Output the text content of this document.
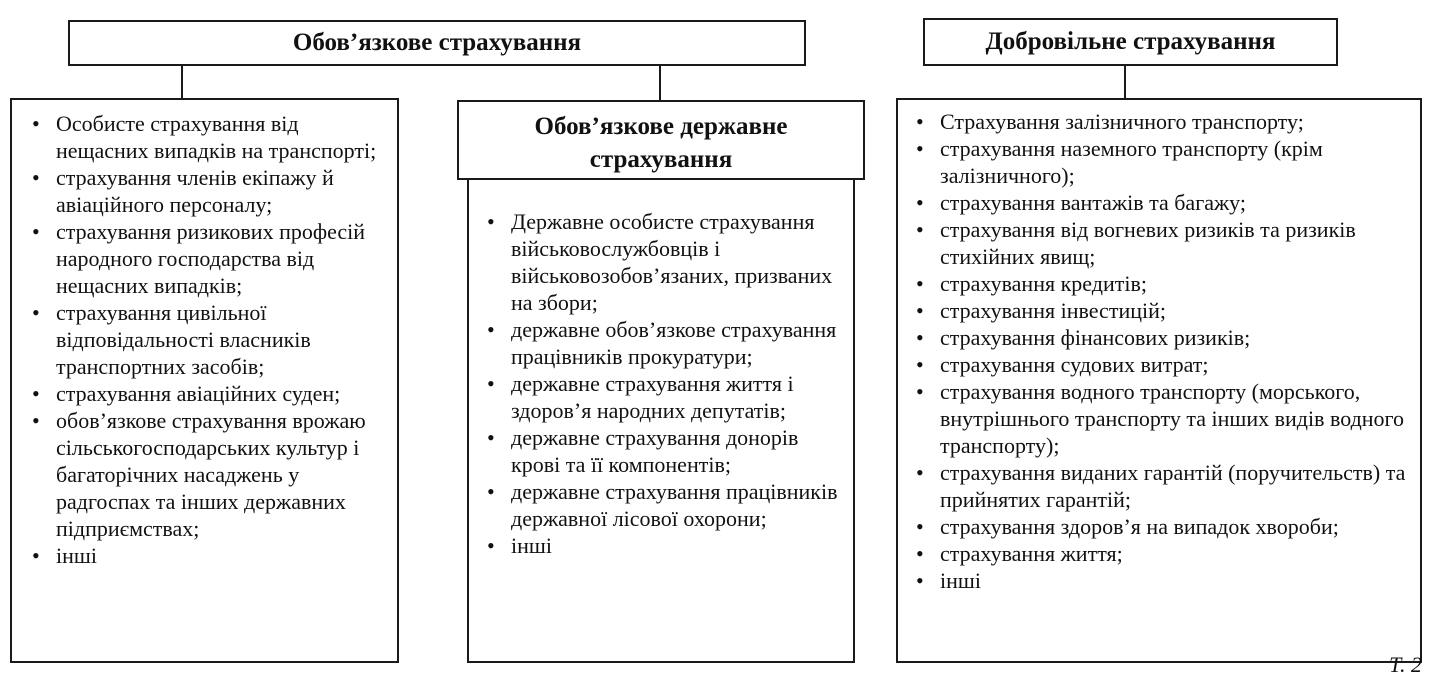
Обов’язкове страхування	Добровільне страхування
• Особисте страхування від нещасних випадків на транспорті;
• страхування членів екіпажу й авіаційного персоналу;
• страхування ризикових професій народного господарства від нещасних випадків;
• страхування цивільної відповідальності власників транспортних засобів;
• страхування авіаційних суден;
• обов’язкове страхування врожаю сільськогосподарських культур і багаторічних насаджень у радгоспах та інших державних підприємствах;
• інші

Обов’язкове державне страхування

• Державне особисте страхування військовослужбовців і військовозобов’язаних, призваних на збори;
• державне обов’язкове страхування працівників прокуратури;
• державне страхування життя і здоров’я народних депутатів;
• державне страхування донорів крові та її компонентів;
• державне страхування працівників державної лісової охорони;
• інші
• Страхування залізничного транспорту;
• страхування наземного транспорту (крім залізничного);
• страхування вантажів та багажу;
• страхування від вогневих ризиків та ризиків стихійних явищ;
• страхування кредитів;
• страхування інвестицій;
• страхування фінансових ризиків;
• страхування судових витрат;
• страхування водного транспорту (морського, внутрішнього транспорту та інших видів водного транспорту);
• страхування виданих гарантій (поручительств) та прийнятих гарантій;
• страхування здоров’я на випадок хвороби;
• страхування життя;
• інші
Т. 2
